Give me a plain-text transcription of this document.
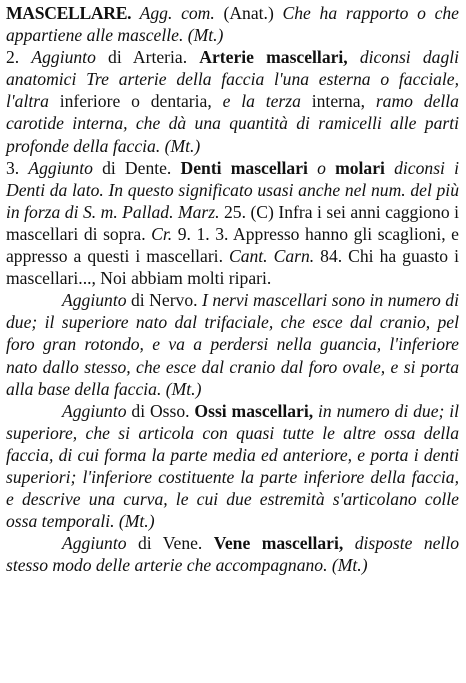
MASCELLARE. Agg. com. (Anat.) Che ha rapporto o che appartiene alle mascelle. (Mt.)

2. Aggiunto di Arteria. Arterie mascellari, diconsi dagli anatomici Tre arterie della faccia l'una esterna o facciale, l'altra inferiore o dentaria, e la terza interna, ramo della carotide interna, che dà una quantità di ramicelli alle parti profonde della faccia. (Mt.)

3. Aggiunto di Dente. Denti mascellari o molari diconsi i Denti da lato. In questo significato usasi anche nel num. del più in forza di S. m. Pallad. Marz. 25. (C) Infra i sei anni caggiono i mascellari di sopra. Cr. 9. 1. 3. Appresso hanno gli scaglioni, e appresso a questi i mascellari. Cant. Carn. 84. Chi ha guasto i mascellari..., Noi abbiam molti ripari.

Aggiunto di Nervo. I nervi mascellari sono in numero di due; il superiore nato dal trifaciale, che esce dal cranio, pel foro gran rotondo, e va a perdersi nella guancia, l'inferiore nato dallo stesso, che esce dal cranio dal foro ovale, e si porta alla base della faccia. (Mt.)

Aggiunto di Osso. Ossi mascellari, in numero di due; il superiore, che si articola con quasi tutte le altre ossa della faccia, di cui forma la parte media ed anteriore, e porta i denti superiori; l'inferiore costituente la parte inferiore della faccia, e descrive una curva, le cui due estremità s'articolano colle ossa temporali. (Mt.)

Aggiunto di Vene. Vene mascellari, disposte nello stesso modo delle arterie che accompagnano. (Mt.)
